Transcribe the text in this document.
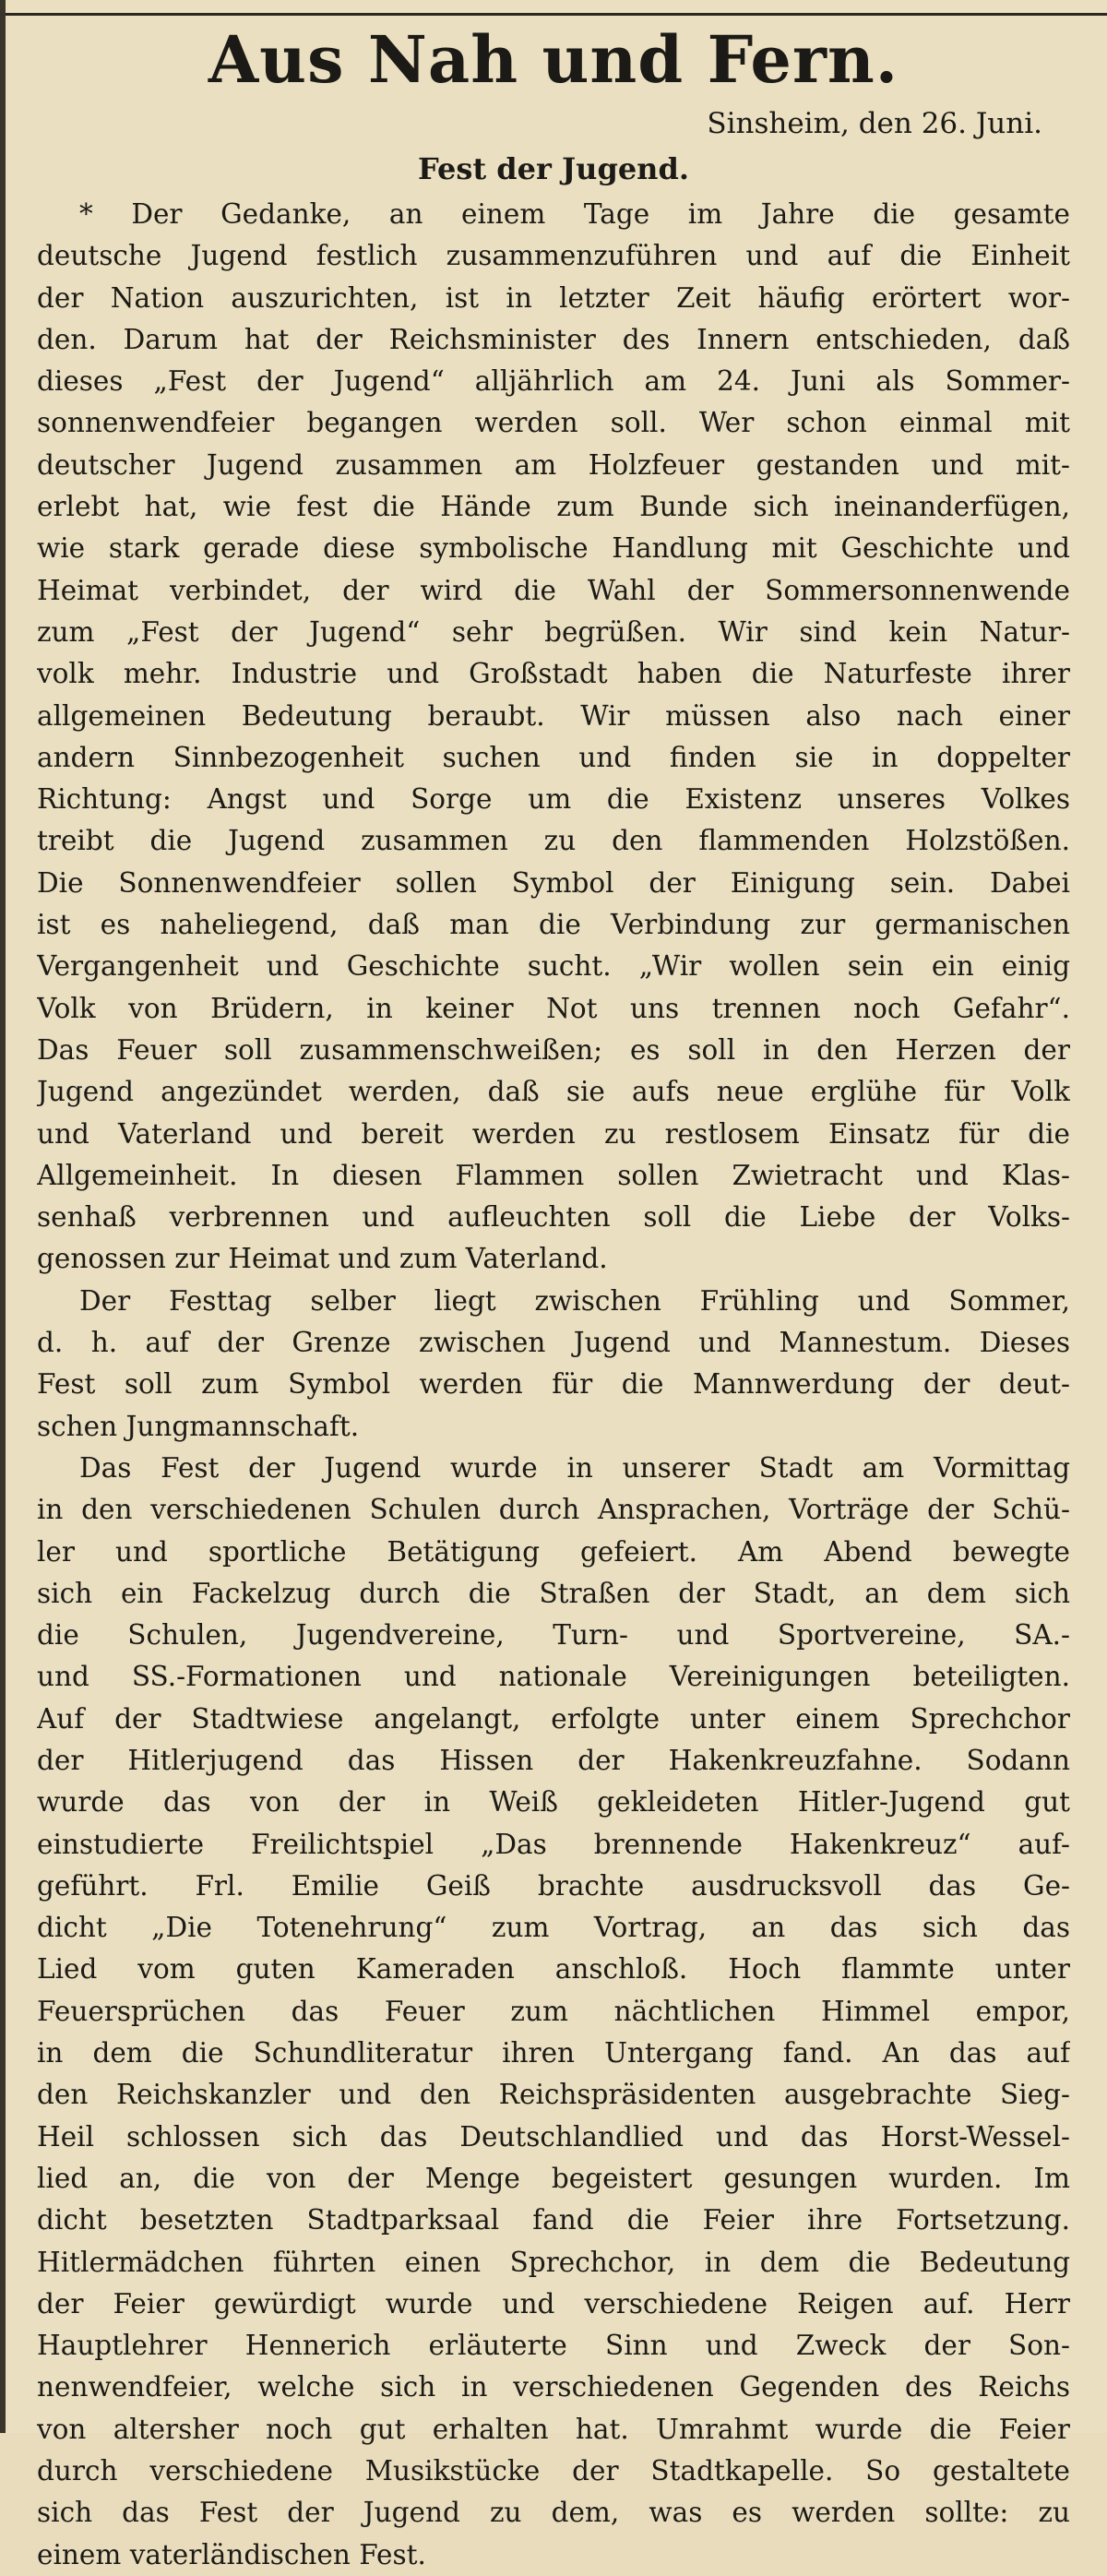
Aus Nah und Fern.
Sinsheim, den 26. Juni.
Fest der Jugend.
* Der Gedanke, an einem Tage im Jahre die gesamte
deutsche Jugend festlich zusammenzuführen und auf die Einheit
der Nation auszurichten, ist in letzter Zeit häufig erörtert wor-
den. Darum hat der Reichsminister des Innern entschieden, daß
dieses „Fest der Jugend“ alljährlich am 24. Juni als Sommer-
sonnenwendfeier begangen werden soll. Wer schon einmal mit
deutscher Jugend zusammen am Holzfeuer gestanden und mit-
erlebt hat, wie fest die Hände zum Bunde sich ineinanderfügen,
wie stark gerade diese symbolische Handlung mit Geschichte und
Heimat verbindet, der wird die Wahl der Sommersonnenwende
zum „Fest der Jugend“ sehr begrüßen. Wir sind kein Natur-
volk mehr. Industrie und Großstadt haben die Naturfeste ihrer
allgemeinen Bedeutung beraubt. Wir müssen also nach einer
andern Sinnbezogenheit suchen und finden sie in doppelter
Richtung: Angst und Sorge um die Existenz unseres Volkes
treibt die Jugend zusammen zu den flammenden Holzstößen.
Die Sonnenwendfeier sollen Symbol der Einigung sein. Dabei
ist es naheliegend, daß man die Verbindung zur germanischen
Vergangenheit und Geschichte sucht. „Wir wollen sein ein einig
Volk von Brüdern, in keiner Not uns trennen noch Gefahr“.
Das Feuer soll zusammenschweißen; es soll in den Herzen der
Jugend angezündet werden, daß sie aufs neue erglühe für Volk
und Vaterland und bereit werden zu restlosem Einsatz für die
Allgemeinheit. In diesen Flammen sollen Zwietracht und Klas-
senhaß verbrennen und aufleuchten soll die Liebe der Volks-
genossen zur Heimat und zum Vaterland.
Der Festtag selber liegt zwischen Frühling und Sommer,
d. h. auf der Grenze zwischen Jugend und Mannestum. Dieses
Fest soll zum Symbol werden für die Mannwerdung der deut-
schen Jungmannschaft.
Das Fest der Jugend wurde in unserer Stadt am Vormittag
in den verschiedenen Schulen durch Ansprachen, Vorträge der Schü-
ler und sportliche Betätigung gefeiert. Am Abend bewegte
sich ein Fackelzug durch die Straßen der Stadt, an dem sich
die Schulen, Jugendvereine, Turn- und Sportvereine, SA.-
und SS.-Formationen und nationale Vereinigungen beteiligten.
Auf der Stadtwiese angelangt, erfolgte unter einem Sprechchor
der Hitlerjugend das Hissen der Hakenkreuzfahne. Sodann
wurde das von der in Weiß gekleideten Hitler-Jugend gut
einstudierte Freilichtspiel „Das brennende Hakenkreuz“ auf-
geführt. Frl. Emilie Geiß brachte ausdrucksvoll das Ge-
dicht „Die Totenehrung“ zum Vortrag, an das sich das
Lied vom guten Kameraden anschloß. Hoch flammte unter
Feuersprüchen das Feuer zum nächtlichen Himmel empor,
in dem die Schundliteratur ihren Untergang fand. An das auf
den Reichskanzler und den Reichspräsidenten ausgebrachte Sieg-
Heil schlossen sich das Deutschlandlied und das Horst-Wessel-
lied an, die von der Menge begeistert gesungen wurden. Im
dicht besetzten Stadtparksaal fand die Feier ihre Fortsetzung.
Hitlermädchen führten einen Sprechchor, in dem die Bedeutung
der Feier gewürdigt wurde und verschiedene Reigen auf. Herr
Hauptlehrer Hennerich erläuterte Sinn und Zweck der Son-
nenwendfeier, welche sich in verschiedenen Gegenden des Reichs
von altersher noch gut erhalten hat. Umrahmt wurde die Feier
durch verschiedene Musikstücke der Stadtkapelle. So gestaltete
sich das Fest der Jugend zu dem, was es werden sollte: zu
einem vaterländischen Fest.
